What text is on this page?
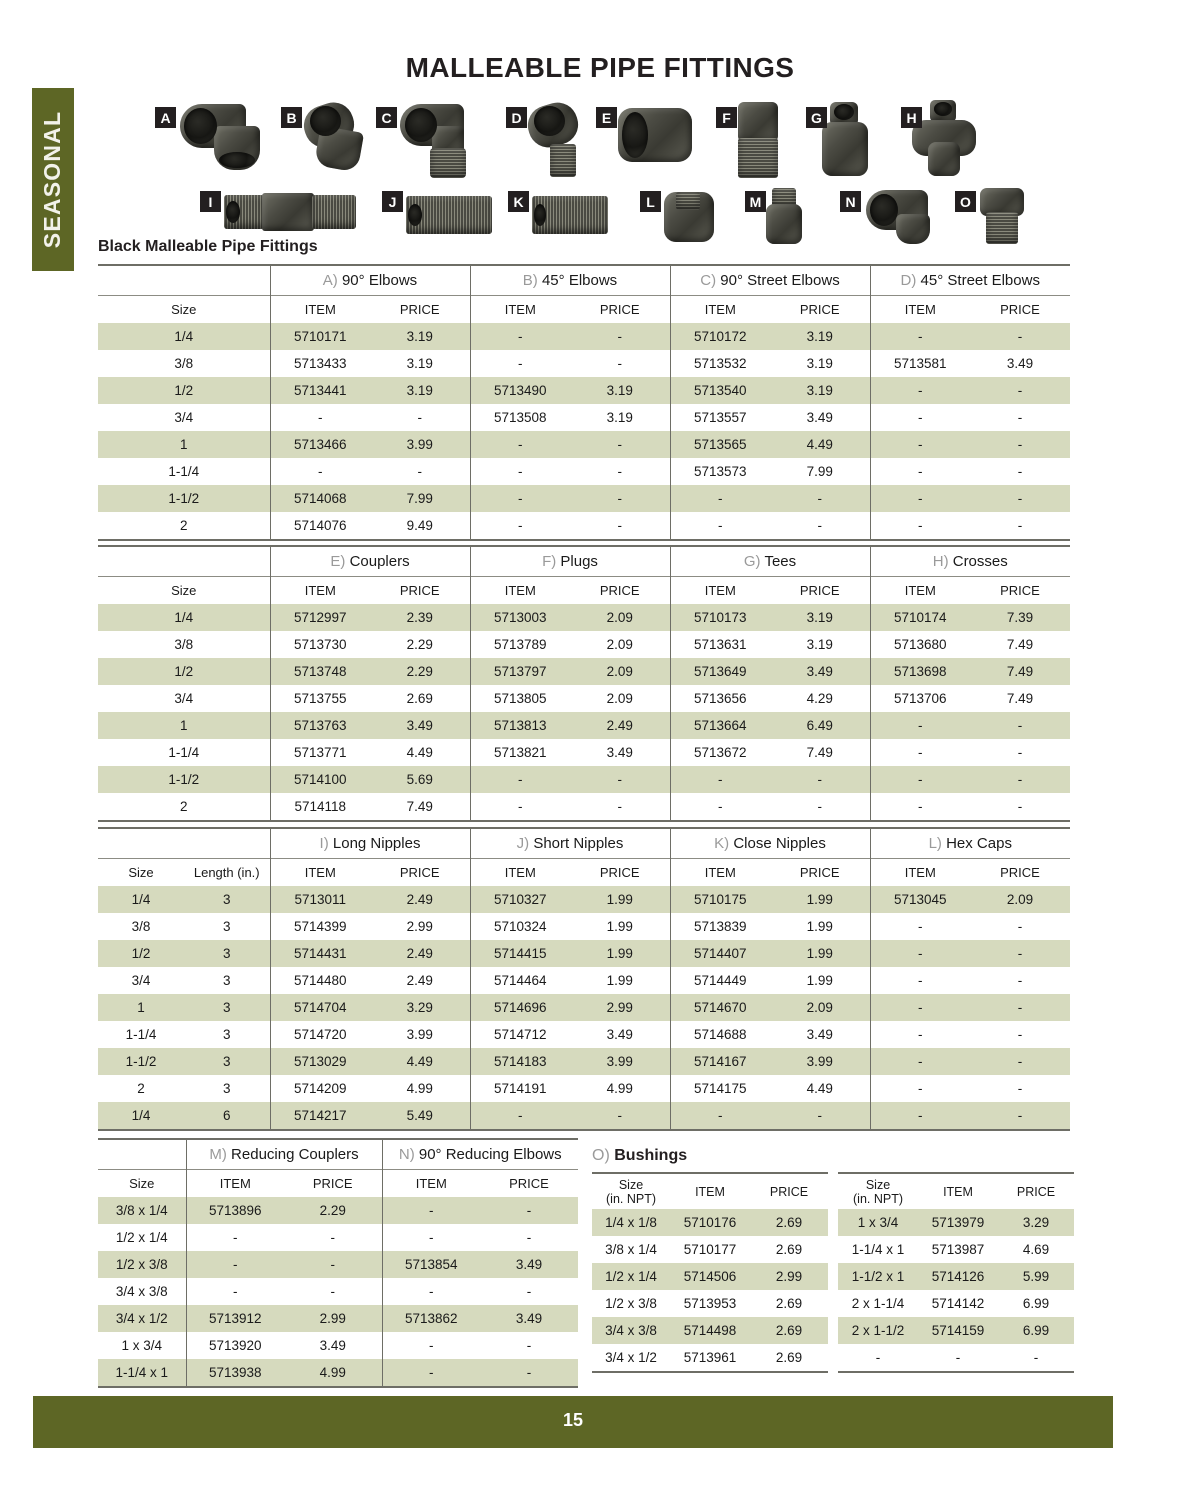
SEASONAL
MALLEABLE PIPE FITTINGS
A	B	C	D	E	F	G	H
I	J	K	L	M	N	O
Black Malleable Pipe Fittings
	A) 90° Elbows		B) 45° Elbows		C) 90° Street Elbows		D) 45° Street Elbows	
Size	ITEM	PRICE	ITEM	PRICE	ITEM	PRICE	ITEM	PRICE
1/4	5710171	3.19	-	-	5710172	3.19	-	-
3/8	5713433	3.19	-	-	5713532	3.19	5713581	3.49
1/2	5713441	3.19	5713490	3.19	5713540	3.19	-	-
3/4	-	-	5713508	3.19	5713557	3.49	-	-
1	5713466	3.99	-	-	5713565	4.49	-	-
1-1/4	-	-	-	-	5713573	7.99	-	-
1-1/2	5714068	7.99	-	-	-	-	-	-
2	5714076	9.49	-	-	-	-	-	-
	E) Couplers		F) Plugs		G) Tees		H) Crosses	
Size	ITEM	PRICE	ITEM	PRICE	ITEM	PRICE	ITEM	PRICE
1/4	5712997	2.39	5713003	2.09	5710173	3.19	5710174	7.39
3/8	5713730	2.29	5713789	2.09	5713631	3.19	5713680	7.49
1/2	5713748	2.29	5713797	2.09	5713649	3.49	5713698	7.49
3/4	5713755	2.69	5713805	2.09	5713656	4.29	5713706	7.49
1	5713763	3.49	5713813	2.49	5713664	6.49	-	-
1-1/4	5713771	4.49	5713821	3.49	5713672	7.49	-	-
1-1/2	5714100	5.69	-	-	-	-	-	-
2	5714118	7.49	-	-	-	-	-	-
		I) Long Nipples		J) Short Nipples		K) Close Nipples		L) Hex Caps	
Size	Length (in.)	ITEM	PRICE	ITEM	PRICE	ITEM	PRICE	ITEM	PRICE
1/4	3	5713011	2.49	5710327	1.99	5710175	1.99	5713045	2.09
3/8	3	5714399	2.99	5710324	1.99	5713839	1.99	-	-
1/2	3	5714431	2.49	5714415	1.99	5714407	1.99	-	-
3/4	3	5714480	2.49	5714464	1.99	5714449	1.99	-	-
1	3	5714704	3.29	5714696	2.99	5714670	2.09	-	-
1-1/4	3	5714720	3.99	5714712	3.49	5714688	3.49	-	-
1-1/2	3	5713029	4.49	5714183	3.99	5714167	3.99	-	-
2	3	5714209	4.99	5714191	4.99	5714175	4.49	-	-
1/4	6	5714217	5.49	-	-	-	-	-	-
	M) Reducing Couplers		N) 90° Reducing Elbows	
Size	ITEM	PRICE	ITEM	PRICE
3/8 x 1/4	5713896	2.29	-	-
1/2 x 1/4	-	-	-	-
1/2 x 3/8	-	-	5713854	3.49
3/4 x 3/8	-	-	-	-
3/4 x 1/2	5713912	2.99	5713862	3.49
1 x 3/4	5713920	3.49	-	-
1-1/4 x 1	5713938	4.99	-	-
O) Bushings
Size
(in. NPT)	ITEM	PRICE
1/4 x 1/8	5710176	2.69
3/8 x 1/4	5710177	2.69
1/2 x 1/4	5714506	2.99
1/2 x 3/8	5713953	2.69
3/4 x 3/8	5714498	2.69
3/4 x 1/2	5713961	2.69
Size
(in. NPT)	ITEM	PRICE
1 x 3/4	5713979	3.29
1-1/4 x 1	5713987	4.69
1-1/2 x 1	5714126	5.99
2 x 1-1/4	5714142	6.99
2 x 1-1/2	5714159	6.99
-	-	-
15
